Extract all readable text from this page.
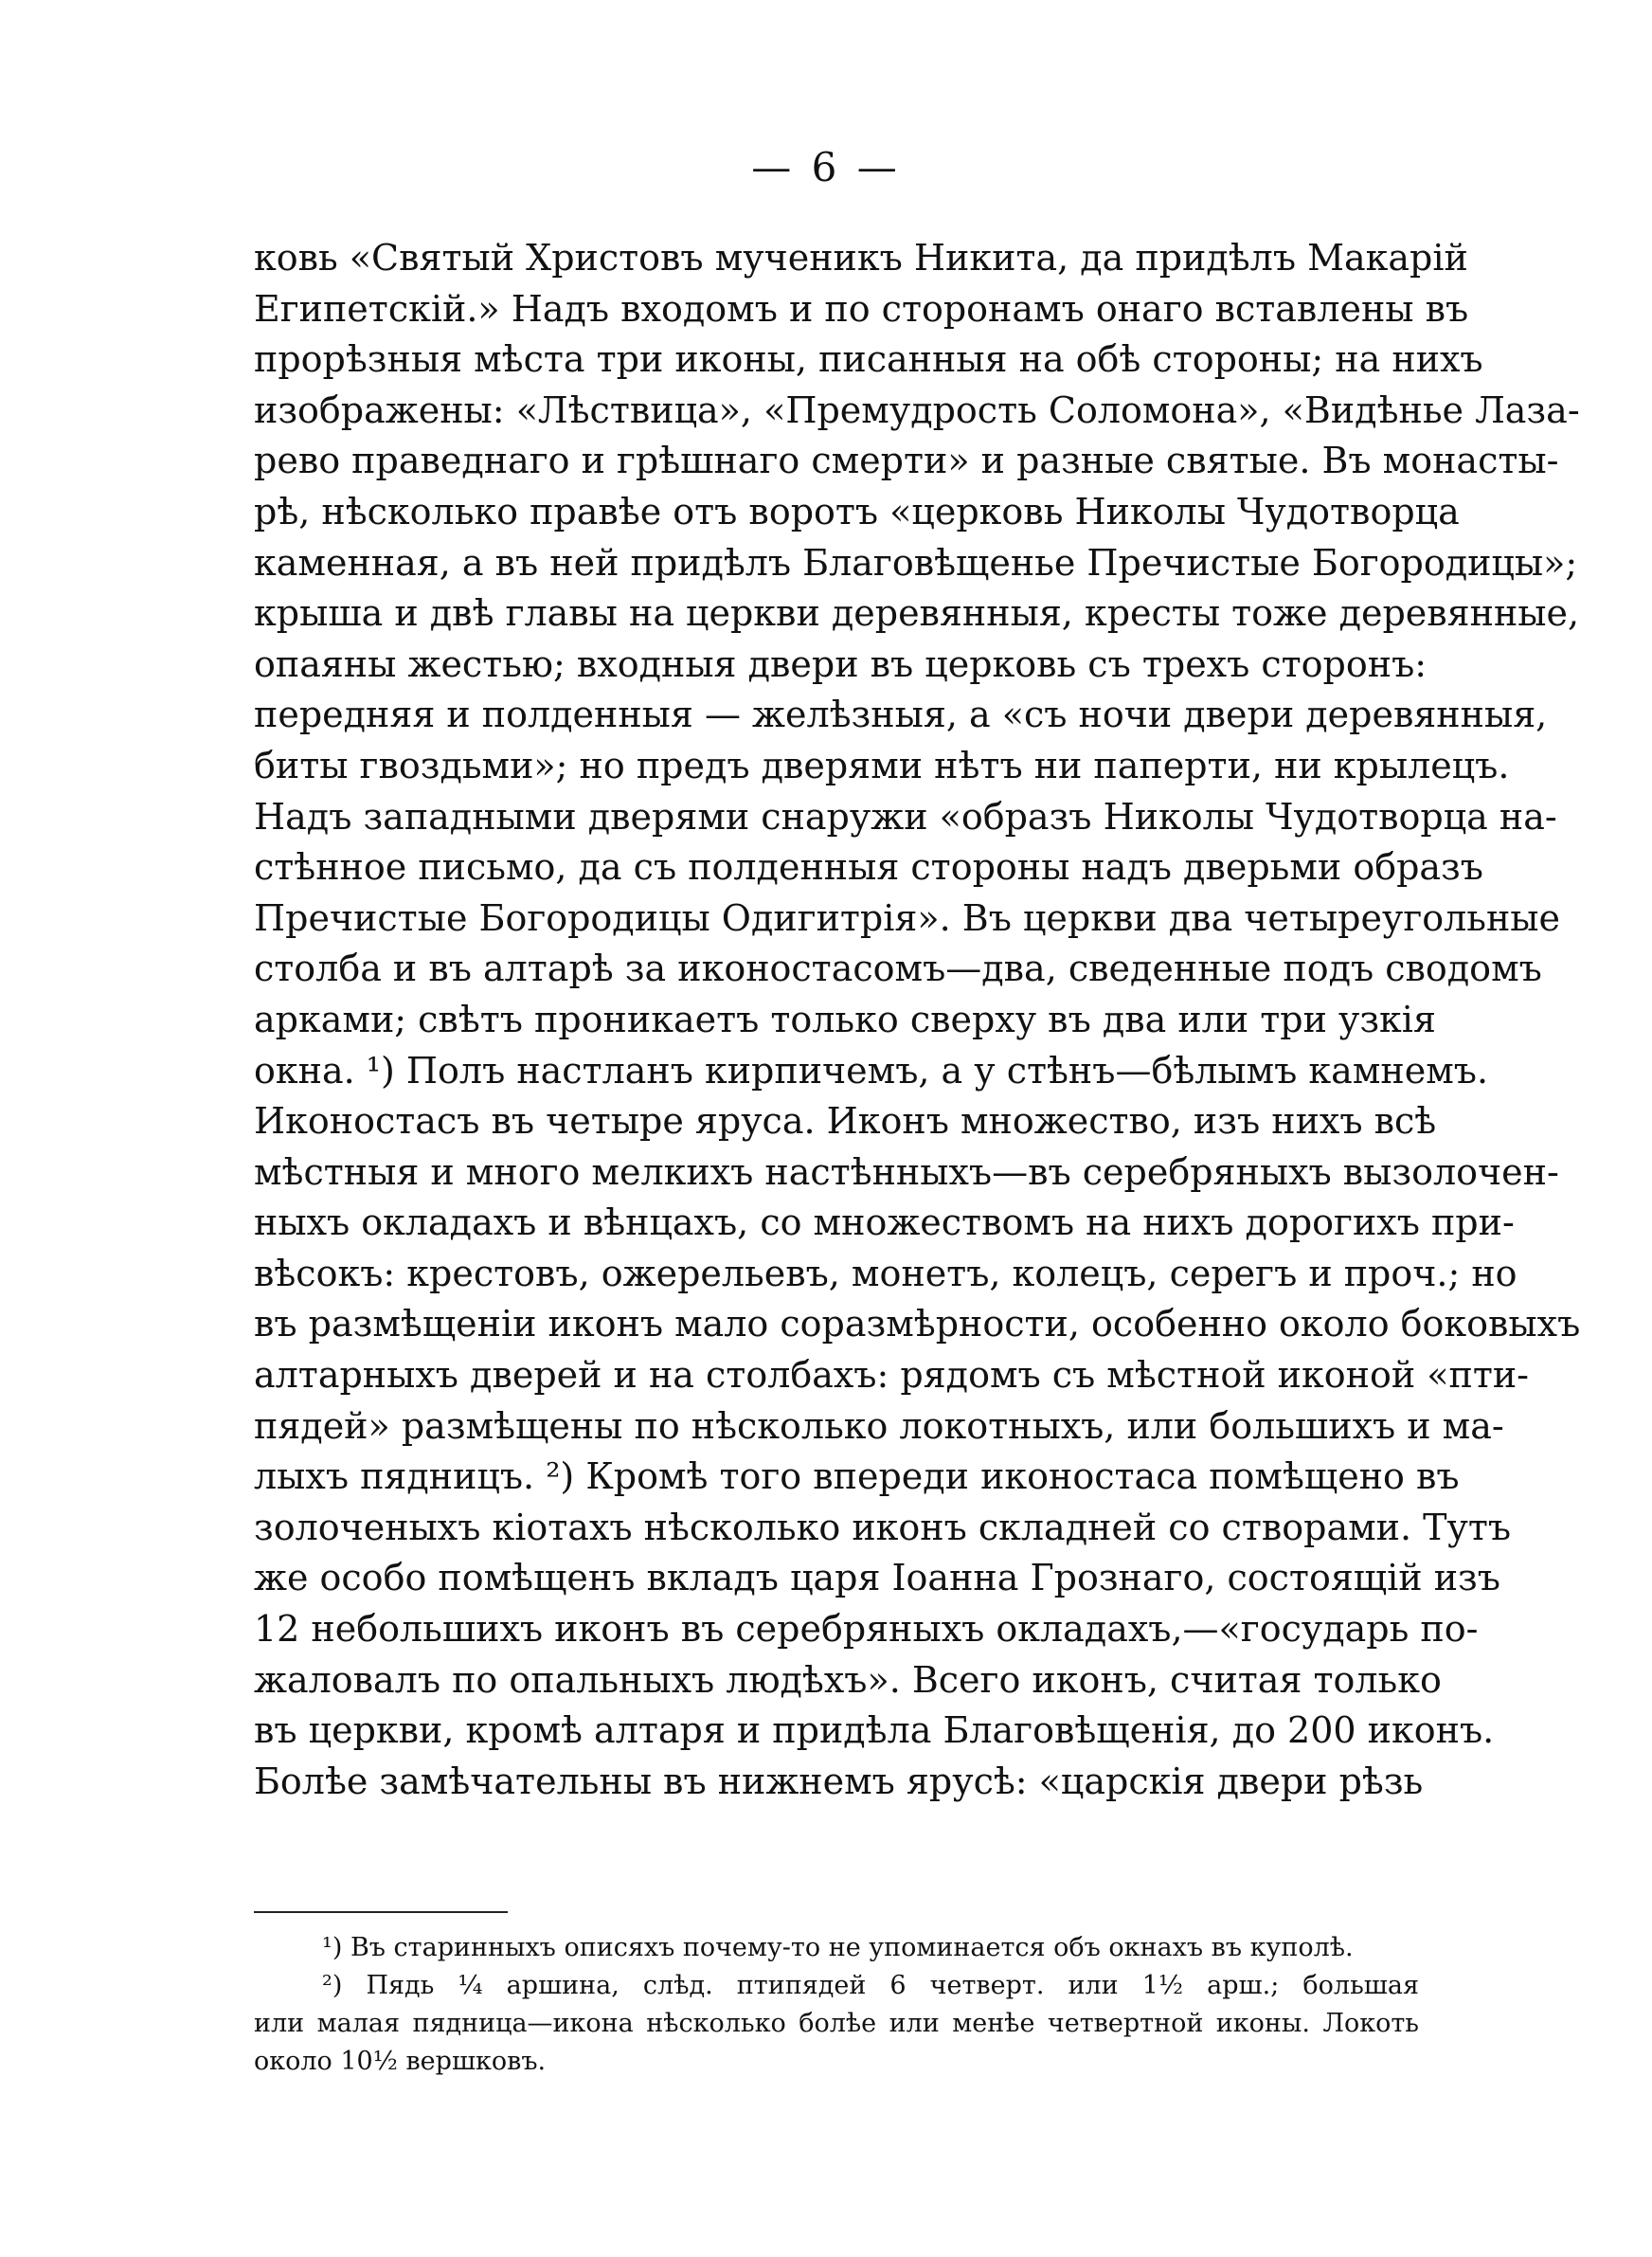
— 6 —
ковь «Святый Христовъ мученикъ Никита, да придѣлъ Макарій
Египетскій.» Надъ входомъ и по сторонамъ онаго вставлены въ
прорѣзныя мѣста три иконы, писанныя на обѣ стороны; на нихъ
изображены: «Лѣствица», «Премудрость Соломона», «Видѣнье Лаза-
рево праведнаго и грѣшнаго смерти» и разные святые. Въ монасты-
рѣ, нѣсколько правѣе отъ воротъ «церковь Николы Чудотворца
каменная, а въ ней придѣлъ Благовѣщенье Пречистые Богородицы»;
крыша и двѣ главы на церкви деревянныя, кресты тоже деревянные,
опаяны жестью; входныя двери въ церковь съ трехъ сторонъ:
передняя и полденныя — желѣзныя, а «съ ночи двери деревянныя,
биты гвоздьми»; но предъ дверями нѣтъ ни паперти, ни крылецъ.
Надъ западными дверями снаружи «образъ Николы Чудотворца на-
стѣнное письмо, да съ полденныя стороны надъ дверьми образъ
Пречистые Богородицы Одигитрія». Въ церкви два четыреугольные
столба и въ алтарѣ за иконостасомъ—два, сведенные подъ сводомъ
арками; свѣтъ проникаетъ только сверху въ два или три узкія
окна. ¹) Полъ настланъ кирпичемъ, а у стѣнъ—бѣлымъ камнемъ.
Иконостасъ въ четыре яруса. Иконъ множество, изъ нихъ всѣ
мѣстныя и много мелкихъ настѣнныхъ—въ серебряныхъ вызолочен-
ныхъ окладахъ и вѣнцахъ, со множествомъ на нихъ дорогихъ при-
вѣсокъ: крестовъ, ожерельевъ, монетъ, колецъ, серегъ и проч.; но
въ размѣщеніи иконъ мало соразмѣрности, особенно около боковыхъ
алтарныхъ дверей и на столбахъ: рядомъ съ мѣстной иконой «пти-
пядей» размѣщены по нѣсколько локотныхъ, или большихъ и ма-
лыхъ пядницъ. ²) Кромѣ того впереди иконостаса помѣщено въ
золоченыхъ кіотахъ нѣсколько иконъ складней со створами. Тутъ
же особо помѣщенъ вкладъ царя Іоанна Грознаго, состоящій изъ
12 небольшихъ иконъ въ серебряныхъ окладахъ,—«государь по-
жаловалъ по опальныхъ людѣхъ». Всего иконъ, считая только
въ церкви, кромѣ алтаря и придѣла Благовѣщенія, до 200 иконъ.
Болѣе замѣчательны въ нижнемъ ярусѣ: «царскія двери рѣзь
¹) Въ старинныхъ описяхъ почему-то не упоминается объ окнахъ въ куполѣ.
²) Пядь ¼ аршина, слѣд. птипядей 6 четверт. или 1½ арш.; большая
или малая пядница—икона нѣсколько болѣе или менѣе четвертной иконы. Локоть
около 10½ вершковъ.
